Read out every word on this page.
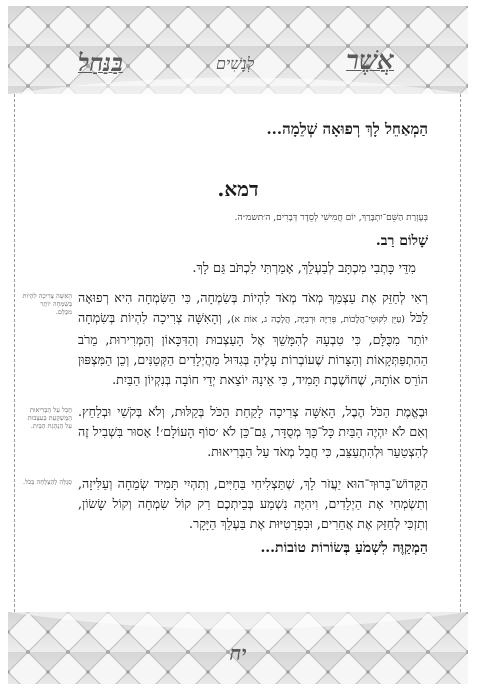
אֲשֶׁר
לְנָשִׁים
בַּנַּחַל
הַמְאַחֵל לָךְ רְפוּאָה שְׁלֵמָה...
דמא.
בְּעֶזְרַת הַשֵּׁם־יִתְבָּרַךְ, יוֹם חֲמִישִׁי לְסֵדֶר דְּבָרִים, ה׳תשמ״ה.
שָׁלוֹם רַב.
מִדֵּי כָּתְבִי מִכְתָּב לְבַעְלֵךְ, אָמַרְתִּי לִכְתֹּב גַּם לָךְ.
הָאִשָּׁה צְרִיכָה לִהְיוֹת בְּשִׂמְחָה יוֹתֵר מִכֻּלָּם.

רְאִי לְחַזֵּק אֶת עַצְמֵךְ מְאֹד מְאֹד לִהְיוֹת בְּשִׂמְחָה, כִּי הַשִּׂמְחָה הִיא רְפוּאָה לַכֹּל (עַיֵּן לִקּוּטֵי־הֲלָכוֹת, פְּרִיָּה וּרְבִיָּה, הֲלָכָה ג, אוֹת א), וְהָאִשָּׁה צְרִיכָה לִהְיוֹת בְּשִׂמְחָה יוֹתֵר מִכֻּלָּם, כִּי טִבְעָהּ לְהִמָּשֵׁךְ אֶל הָעַצְבוּת וְהַדִּכָּאוֹן וְהַמְּרִירוּת, מֵרֹב הַהִתְפַּתְּקָאוֹת וְהַצָּרוֹת שֶׁעוֹבְרוֹת עָלֶיהָ בְּגִדּוּל מַהֲיְלָדִים הַקְּטַנִּים, וְכֵן הַמִּצְפּוּן הוֹרֵס אוֹתָהּ, שֶׁחוֹשֶׁבֶת תָּמִיד, כִּי אֵינָהּ יוֹצֵאת יְדֵי חוֹבָה בְּנִקְיוֹן הַבַּיִת.

חֲבָל עַל הַבְּרִיאוּת הַמֻּשְׁקַעַת בְּעִצְבוּת עַל הַנְהָגַת הַבַּיִת.

וּבֶאֱמֶת הַכֹּל הֶבֶל, הָאִשָּׁה צְרִיכָה לָקַחַת הַכֹּל בְּקַלּוּת, וְלֹא בְּקֹשִׁי וּבְלַחַץ. וְאִם לֹא יִהְיֶה הַבַּיִת כָּל־כָּךְ מְסֻדָּר, גַּם־כֵּן לֹא ׳סוֹף הָעוֹלָם׳! אָסוּר בִּשְׁבִיל זֶה לְהִצְטַעֵר וּלְהִתְעַצֵּב, כִּי חֲבָל מְאֹד עַל הַבְּרִיאוּת.

סְגֻלָּה לְהַצְלָחָה בַּכֹּל. הַקָּדוֹשׁ־בָּרוּךְ־הוּא יַעֲזֹר לָךְ, שֶׁתַּצְלִיחִי בַּחַיִּים, וְתִהְיִי תָּמִיד שְׂמֵחָה וְעַלִּיזָה, וְתִשְׂמְחִי אֶת הַיְלָדִים, וִיהִיֶּה נִשְׁמַע בְּבֵיתְכֶם רַק קוֹל שִׂמְחָה וְקוֹל שָׂשׂוֹן, וְתִזְכִּי לְחַזֵּק אֶת אֲחֵרִים, וּבִפְרָטִיּוּת אֶת בַּעְלֵךְ הַיָּקָר.

הַמְקַוֶּה לִשְׁמֹעַ בְּשׂוֹרוֹת טוֹבוֹת...
יח
